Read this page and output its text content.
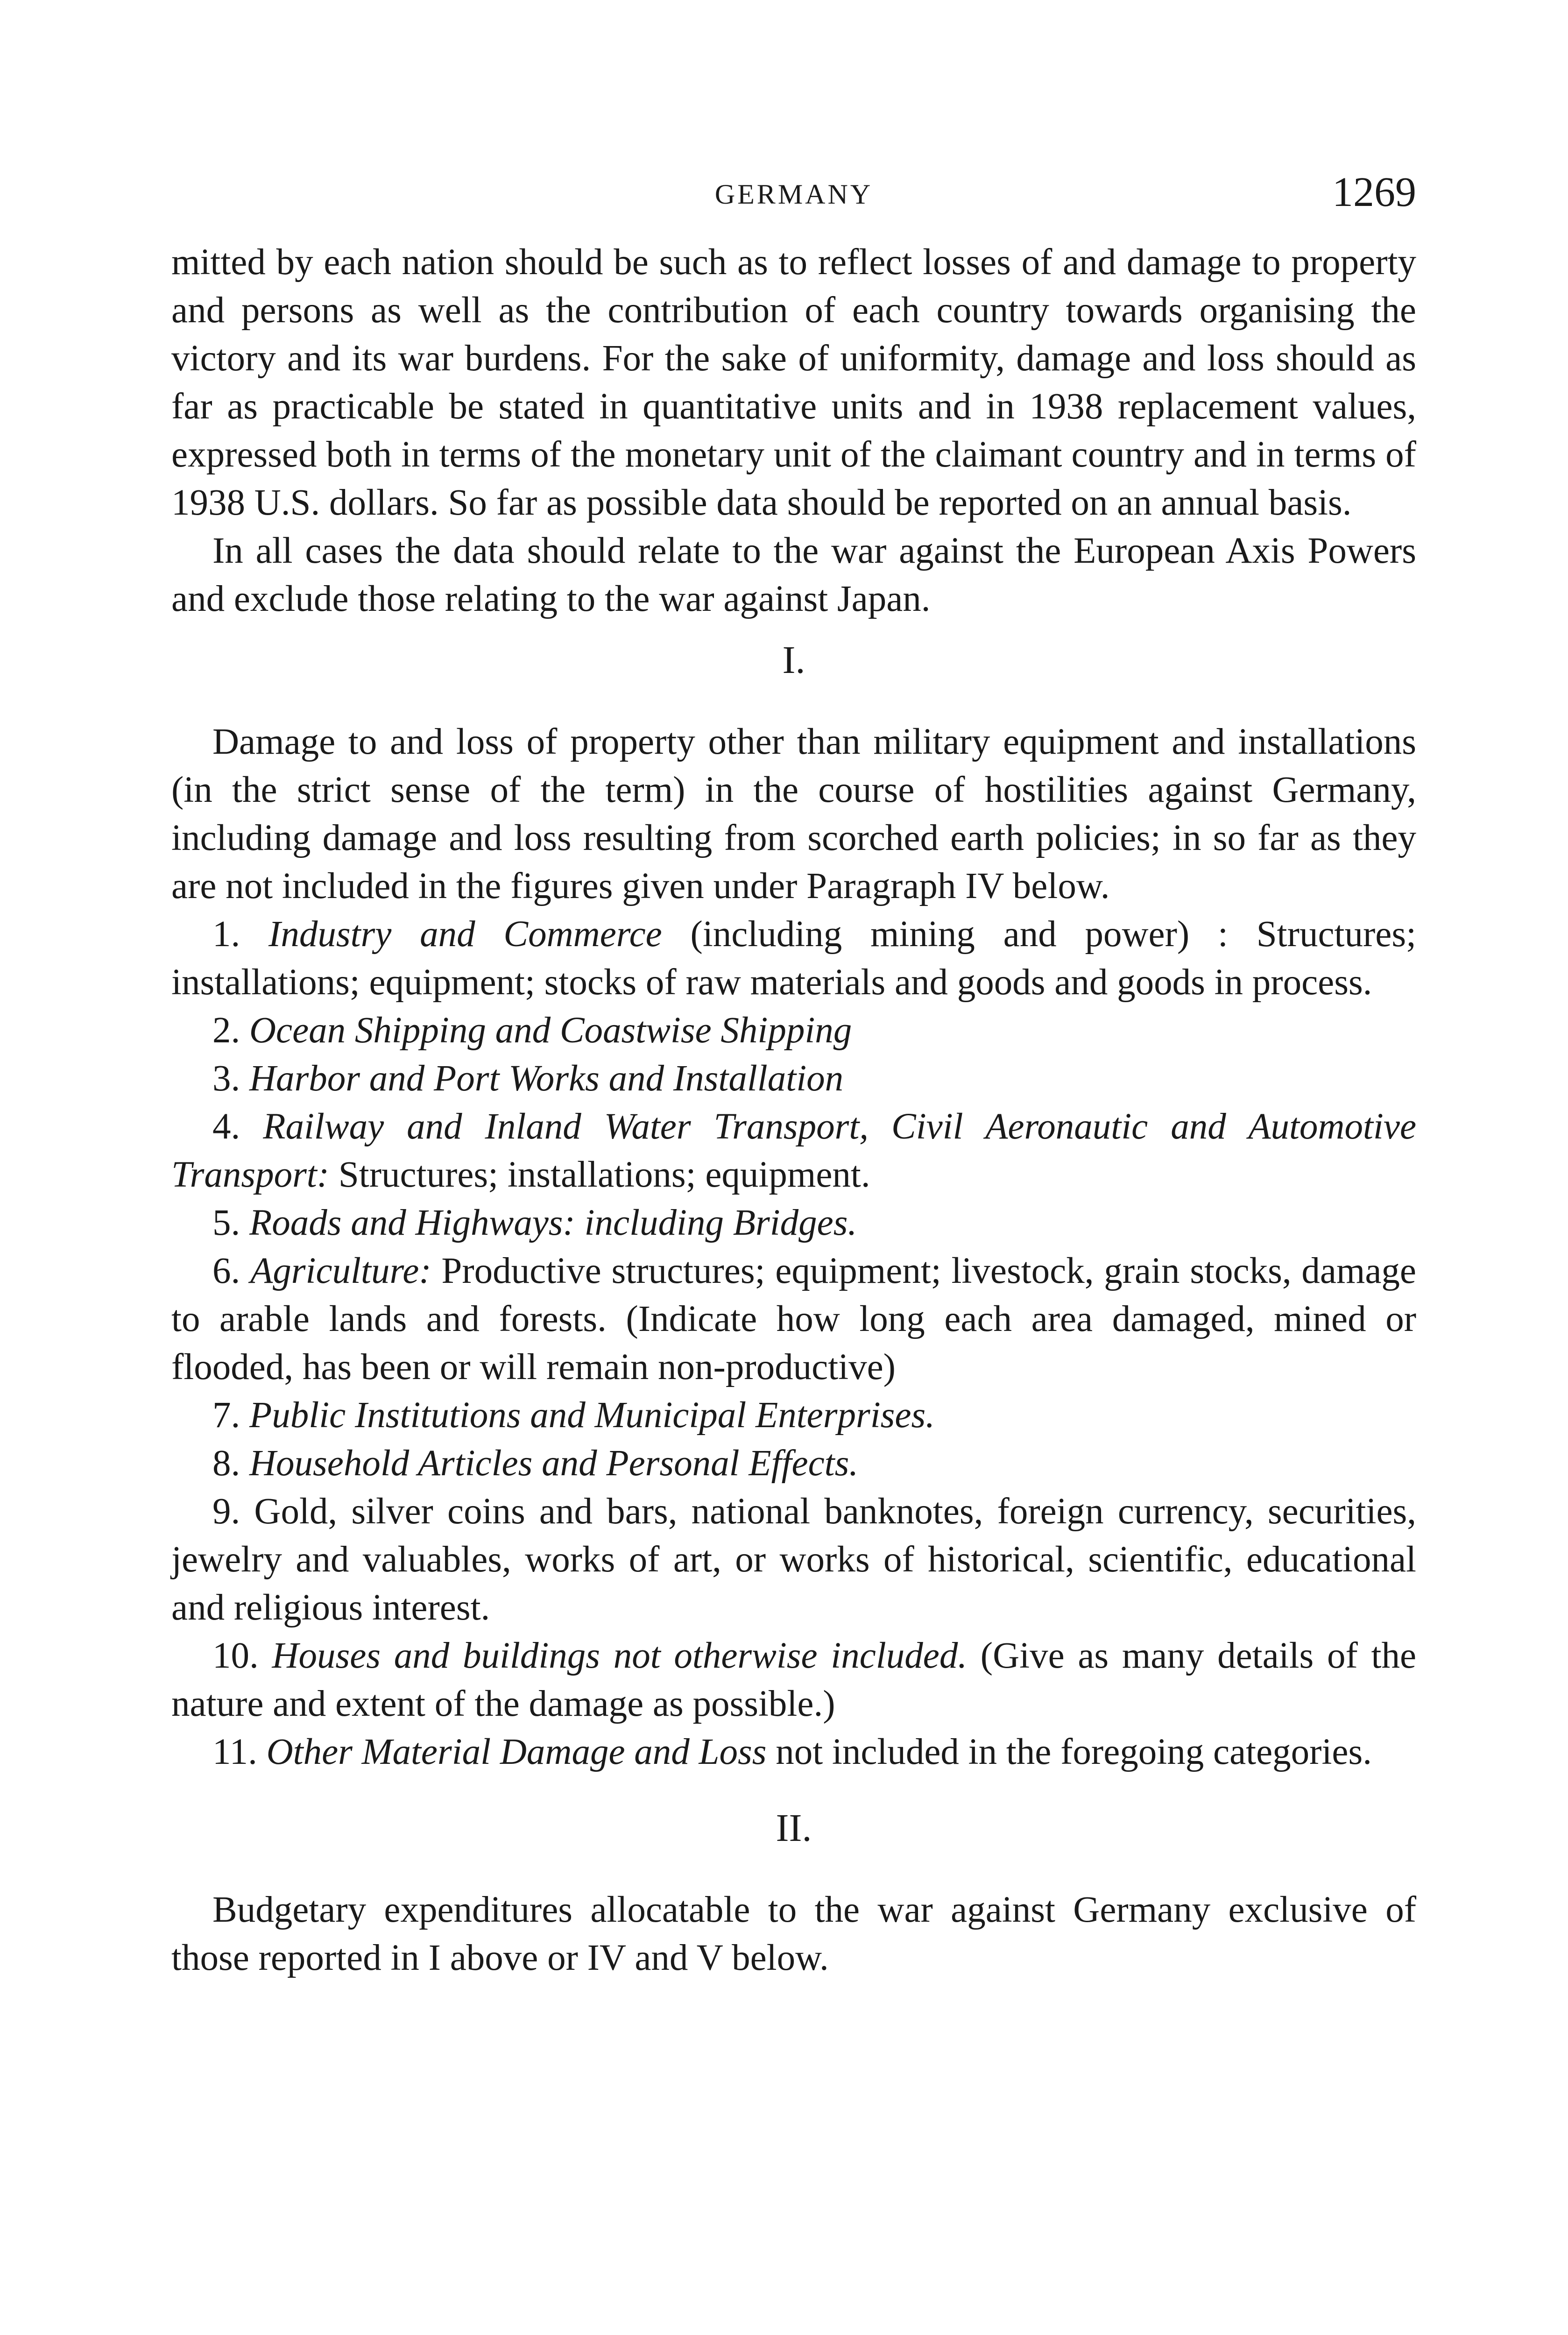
GERMANY	1269

mitted by each nation should be such as to reflect losses of and damage to property and persons as well as the contribution of each country towards organising the victory and its war burdens. For the sake of uniformity, damage and loss should as far as practicable be stated in quantitative units and in 1938 replacement values, expressed both in terms of the monetary unit of the claimant country and in terms of 1938 U.S. dollars. So far as possible data should be reported on an annual basis.

In all cases the data should relate to the war against the European Axis Powers and exclude those relating to the war against Japan.

I.

Damage to and loss of property other than military equipment and installations (in the strict sense of the term) in the course of hostilities against Germany, including damage and loss resulting from scorched earth policies; in so far as they are not included in the figures given under Paragraph IV below.

1. Industry and Commerce (including mining and power) : Structures; installations; equipment; stocks of raw materials and goods and goods in process.

2. Ocean Shipping and Coastwise Shipping

3. Harbor and Port Works and Installation

4. Railway and Inland Water Transport, Civil Aeronautic and Automotive Transport: Structures; installations; equipment.

5. Roads and Highways: including Bridges.

6. Agriculture: Productive structures; equipment; livestock, grain stocks, damage to arable lands and forests. (Indicate how long each area damaged, mined or flooded, has been or will remain non-productive)

7. Public Institutions and Municipal Enterprises.

8. Household Articles and Personal Effects.

9. Gold, silver coins and bars, national banknotes, foreign currency, securities, jewelry and valuables, works of art, or works of historical, scientific, educational and religious interest.

10. Houses and buildings not otherwise included. (Give as many details of the nature and extent of the damage as possible.)

11. Other Material Damage and Loss not included in the foregoing categories.

II.

Budgetary expenditures allocatable to the war against Germany exclusive of those reported in I above or IV and V below.
